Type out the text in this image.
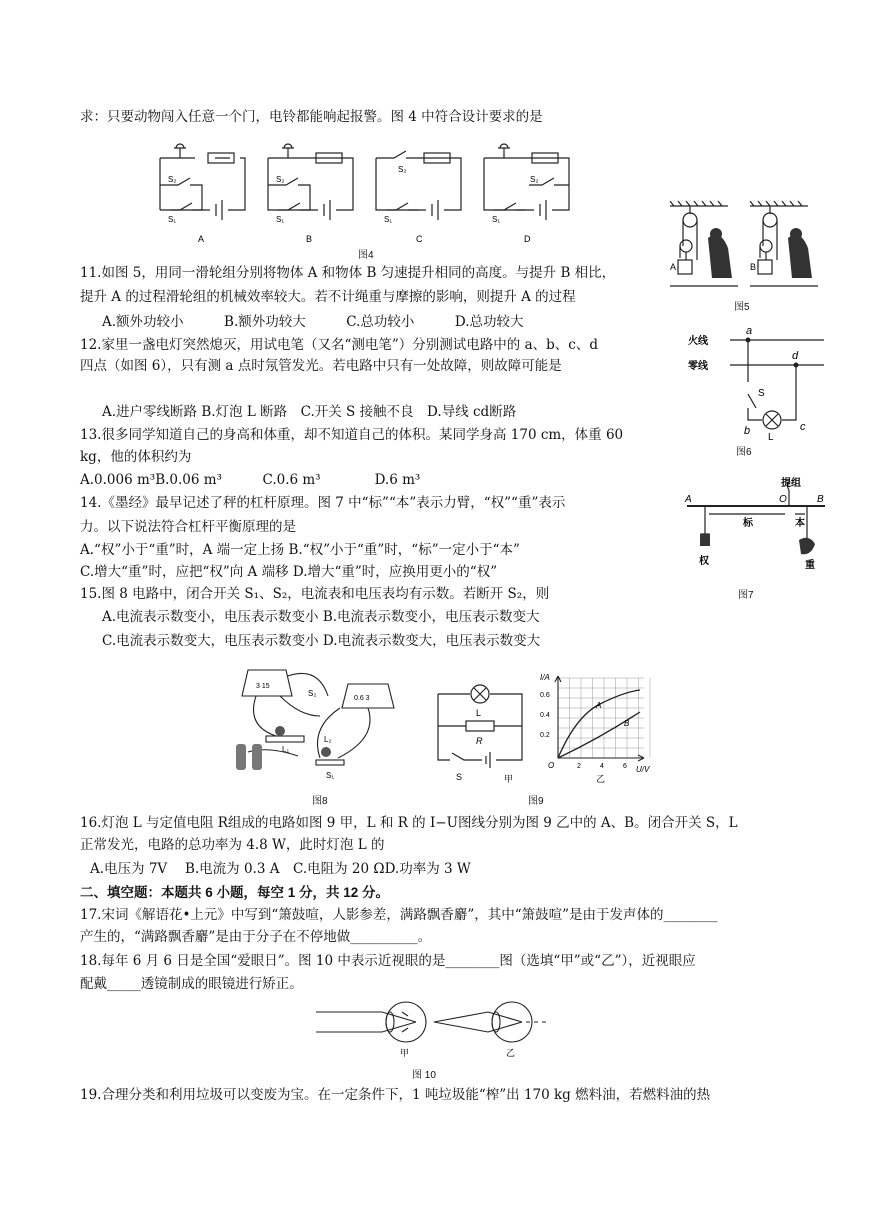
求：只要动物闯入任意一个门，电铃都能响起报警。图 4 中符合设计要求的是
S₂
S₁
A
S₂
S₁
B
S₂
S₁
C
S₂
S₁
D
图4
A	B
图5
11.如图 5，用同一滑轮组分别将物体 A 和物体 B 匀速提升相同的高度。与提升 B 相比，
提升 A 的过程滑轮组的机械效率较大。若不计绳重与摩擦的影响，则提升 A 的过程
A.额外功较小　　　B.额外功较大　　　C.总功较小　　　D.总功较大
火线
零线
a
d
S
b
L
c
图6
12.家里一盏电灯突然熄灭，用试电笔（又名“测电笔”）分别测试电路中的 a、b、c、d
四点（如图 6），只有测 a 点时氖管发光。若电路中只有一处故障，则故障可能是
A.进户零线断路 B.灯泡 L 断路　C.开关 S 接触不良　D.导线 cd断路
13.很多同学知道自己的身高和体重，却不知道自己的体积。某同学身高 170 cm，体重 60
kg，他的体积约为
A.0.006 m³B.0.06 m³　　　C.0.6 m³　　　　D.6 m³
A	O	B
提组
标	本
权	重
图7
14.《墨经》最早记述了秤的杠杆原理。图 7 中“标”“本”表示力臂，“权”“重”表示
力。以下说法符合杠杆平衡原理的是
A.“权”小于“重”时，A 端一定上扬 B.“权”小于“重”时，“标”一定小于“本”
C.增大“重”时，应把“权”向 A 端移 D.增大“重”时，应换用更小的“权”
15.图 8 电路中，闭合开关 S₁、S₂，电流表和电压表均有示数。若断开 S₂，则
A.电流表示数变小，电压表示数变小 B.电流表示数变小，电压表示数变大
C.电流表示数变大，电压表示数变小 D.电流表示数变大，电压表示数变大
3 15
0.6 3
S₂
L₁
L₂
S₁
图8
L
R
S	甲
I/A
U/V
O
0.6
0.4
0.2
2	4	6
A
B
乙
图9
16.灯泡 L 与定值电阻 R组成的电路如图 9 甲，L 和 R 的 I−U图线分别为图 9 乙中的 A、B。闭合开关 S，L
正常发光，电路的总功率为 4.8 W，此时灯泡 L 的
A.电压为 7V　 B.电流为 0.3 A　C.电阻为 20 ΩD.功率为 3 W
二、填空题：本题共 6 小题，每空 1 分，共 12 分。
17.宋词《解语花•上元》中写到“箫鼓喧，人影参差，满路飘香麝”，其中“箫鼓喧”是由于发声体的________
产生的，“满路飘香麝”是由于分子在不停地做__________。
18.每年 6 月 6 日是全国“爱眼日”。图 10 中表示近视眼的是________图（选填“甲”或“乙”），近视眼应
配戴_____透镜制成的眼镜进行矫正。
甲	乙
图 10
19.合理分类和利用垃圾可以变废为宝。在一定条件下，1 吨垃圾能“榨”出 170 kg 燃料油，若燃料油的热
